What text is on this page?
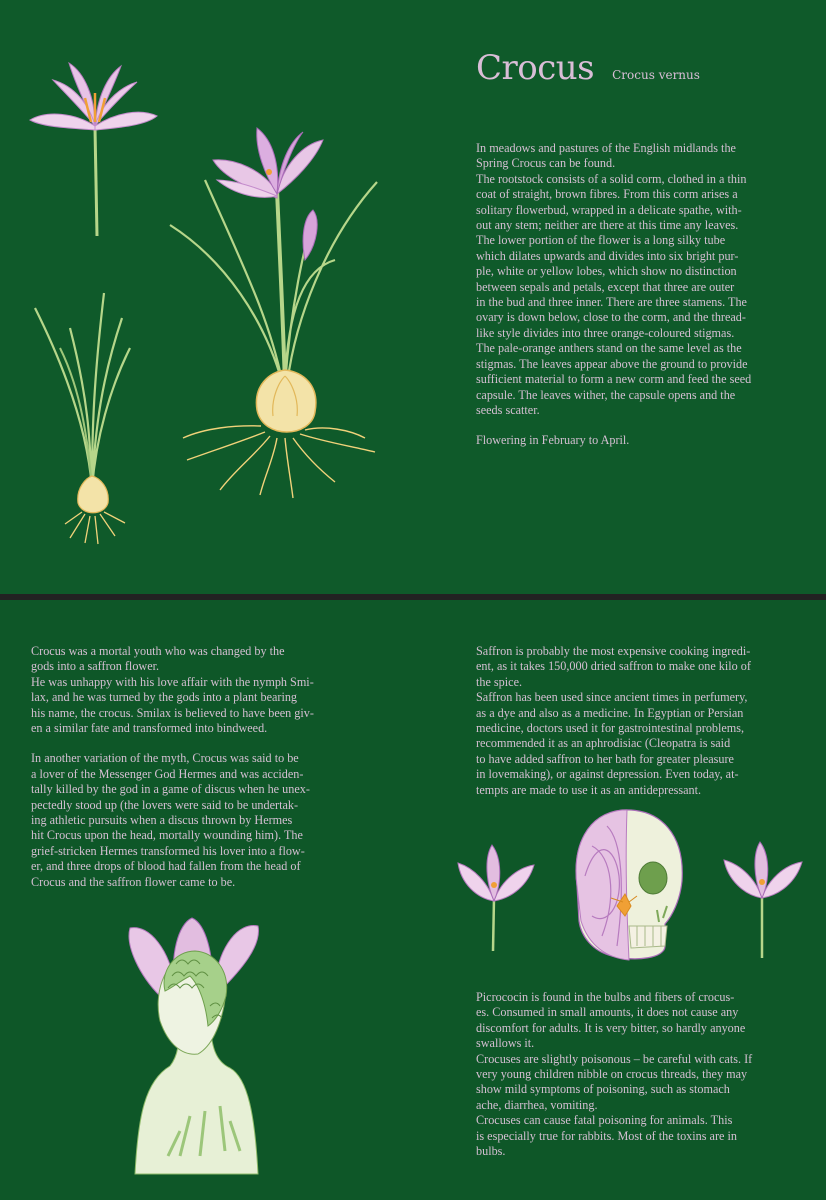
Crocus Crocus vernus

In meadows and pastures of the English midlands the
Spring Crocus can be found.
The rootstock consists of a solid corm, clothed in a thin
coat of straight, brown fibres. From this corm arises a
solitary flowerbud, wrapped in a delicate spathe, with-
out any stem; neither are there at this time any leaves.
The lower portion of the flower is a long silky tube
which dilates upwards and divides into six bright pur-
ple, white or yellow lobes, which show no distinction
between sepals and petals, except that three are outer
in the bud and three inner. There are three stamens. The
ovary is down below, close to the corm, and the thread-
like style divides into three orange-coloured stigmas.
The pale-orange anthers stand on the same level as the
stigmas. The leaves appear above the ground to provide
sufficient material to form a new corm and feed the seed
capsule. The leaves wither, the capsule opens and the
seeds scatter.

Flowering in February to April.

Crocus was a mortal youth who was changed by the
gods into a saffron flower.
He was unhappy with his love affair with the nymph Smi-
lax, and he was turned by the gods into a plant bearing
his name, the crocus. Smilax is believed to have been giv-
en a similar fate and transformed into bindweed.

In another variation of the myth, Crocus was said to be
a lover of the Messenger God Hermes and was acciden-
tally killed by the god in a game of discus when he unex-
pectedly stood up (the lovers were said to be undertak-
ing athletic pursuits when a discus thrown by Hermes
hit Crocus upon the head, mortally wounding him). The
grief-stricken Hermes transformed his lover into a flow-
er, and three drops of blood had fallen from the head of
Crocus and the saffron flower came to be.

Saffron is probably the most expensive cooking ingredi-
ent, as it takes 150,000 dried saffron to make one kilo of
the spice.
Saffron has been used since ancient times in perfumery,
as a dye and also as a medicine. In Egyptian or Persian
medicine, doctors used it for gastrointestinal problems,
recommended it as an aphrodisiac (Cleopatra is said
to have added saffron to her bath for greater pleasure
in lovemaking), or against depression. Even today, at-
tempts are made to use it as an antidepressant.

Picrococin is found in the bulbs and fibers of crocus-
es. Consumed in small amounts, it does not cause any
discomfort for adults. It is very bitter, so hardly anyone
swallows it.
Crocuses are slightly poisonous – be careful with cats. If
very young children nibble on crocus threads, they may
show mild symptoms of poisoning, such as stomach
ache, diarrhea, vomiting.
Crocuses can cause fatal poisoning for animals. This
is especially true for rabbits. Most of the toxins are in
bulbs.
